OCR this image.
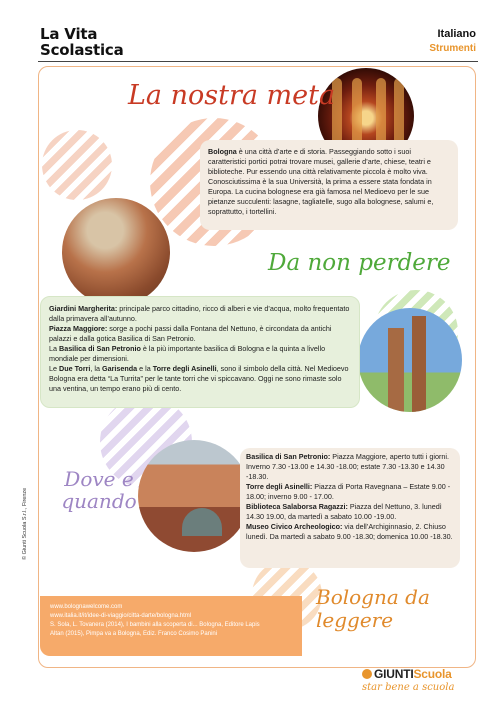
La Vita
Scolastica
Italiano
Strumenti
La nostra meta
Da non perdere
Dove e quando
Bologna da leggere

Bologna è una città d’arte e di storia. Passeggiando sotto i suoi caratteristici portici potrai trovare musei, gallerie d’arte, chiese, teatri e biblioteche. Pur essendo una città relativamente piccola è molto viva. Conosciutissima è la sua Università, la prima a essere stata fondata in Europa. La cucina bolognese era già famosa nel Medioevo per le sue pietanze succulenti: lasagne, tagliatelle, sugo alla bolognese, salumi e, soprattutto, i tortellini.

Giardini Margherita: principale parco cittadino, ricco di alberi e vie d’acqua, molto frequentato dalla primavera all’autunno.

Piazza Maggiore: sorge a pochi passi dalla Fontana del Nettuno, è circondata da antichi palazzi e dalla gotica Basilica di San Petronio.

La Basilica di San Petronio è la più importante basilica di Bologna e la quinta a livello mondiale per dimensioni.

Le Due Torri, la Garisenda e la Torre degli Asinelli, sono il simbolo della città. Nel Medioevo Bologna era detta “La Turrita” per le tante torri che vi spiccavano. Oggi ne sono rimaste solo una ventina, un tempo erano più di cento.

Basilica di San Petronio: Piazza Maggiore, aperto tutti i giorni. Inverno 7.30 -13.00 e 14.30 -18.00; estate 7.30 -13.30 e 14.30 -18.30.

Torre degli Asinelli: Piazza di Porta Ravegnana – Estate 9.00 - 18.00; inverno 9.00 - 17.00.

Biblioteca Salaborsa Ragazzi: Piazza del Nettuno, 3. lunedì 14.30 19.00, da martedì a sabato 10.00 -19.00.

Museo Civico Archeologico: via dell’Archiginnasio, 2. Chiuso lunedì. Da martedì a sabato 9.00 -18.30; domenica 10.00 -18.30.

www.bolognawelcome.com
www.italia.it/it/idee-di-viaggio/citta-darte/bologna.html
S. Sola, L. Tovanera (2014), I bambini alla scoperta di... Bologna, Editore Lapis
Altan (2015), Pimpa va a Bologna, Ediz. Franco Cosimo Panini
© Giunti Scuola S.r.l., Firenze
GIUNTIScuola
star bene a scuola
